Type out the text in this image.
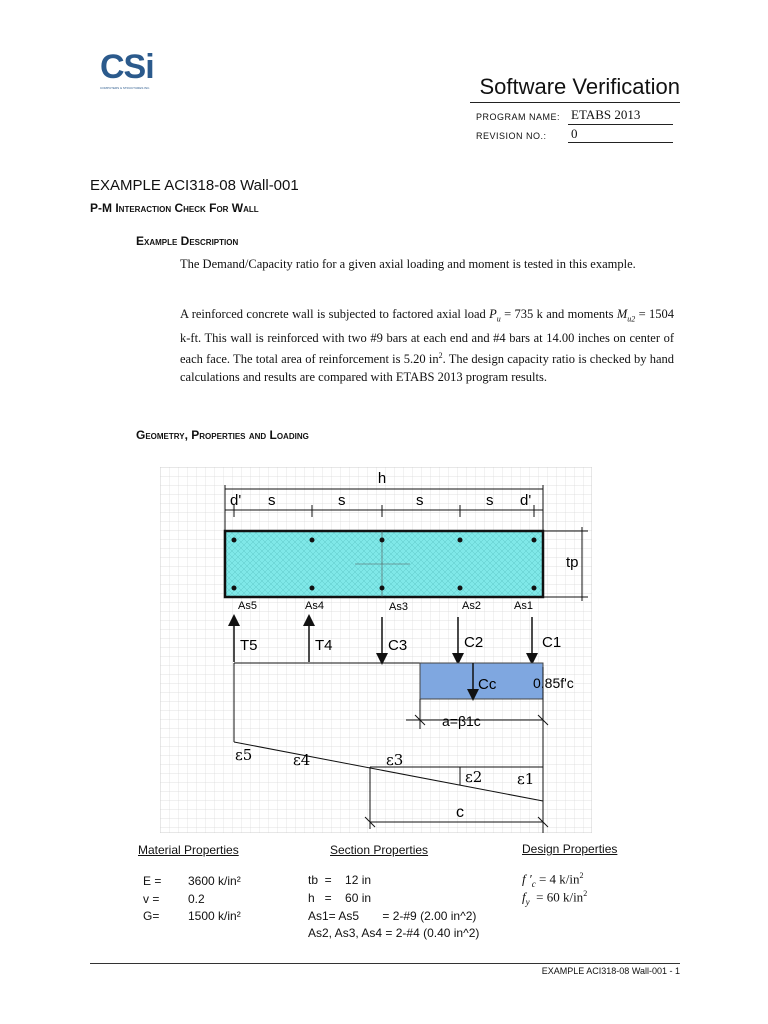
CSi
COMPUTERS & STRUCTURES INC.	Software Verification
PROGRAM NAME: ETABS 2013
REVISION NO.: 0
EXAMPLE ACI318-08 Wall-001
P-M Interaction Check For Wall
Example Description
The Demand/Capacity ratio for a given axial loading and moment is tested in this example.
A reinforced concrete wall is subjected to factored axial load $P_u = 735$ k and moments $M_{u2} = 1504$ k-ft. This wall is reinforced with two #9 bars at each end and #4 bars at 14.00 inches on center of each face. The total area of reinforcement is 5.20 $in^2$. The design capacity ratio is checked by hand calculations and results are compared with ETABS 2013 program results.
Geometry, Properties and Loading
h
d' s	s	s	s d'
tp
As5	As4	As3	As2	As1
T5	T4	C3	C2	C1
Cc	0.85f'c
a=β1c
ε5	ε4	ε3
ε2 ε1
c
Material Properties
E = 3600 k/in²
v = 0.2
G= 1500 k/in²
Section Properties
tb  =    12 in
h   =    60 in
As1= As5       = 2-#9 (2.00 in^2)
As2, As3, As4 = 2-#4 (0.40 in^2)
Design Properties
f $'_c = 4$ $k/in^2$
$f_y = 60$ $k/in^2$
EXAMPLE ACI318-08 Wall-001 - 1
